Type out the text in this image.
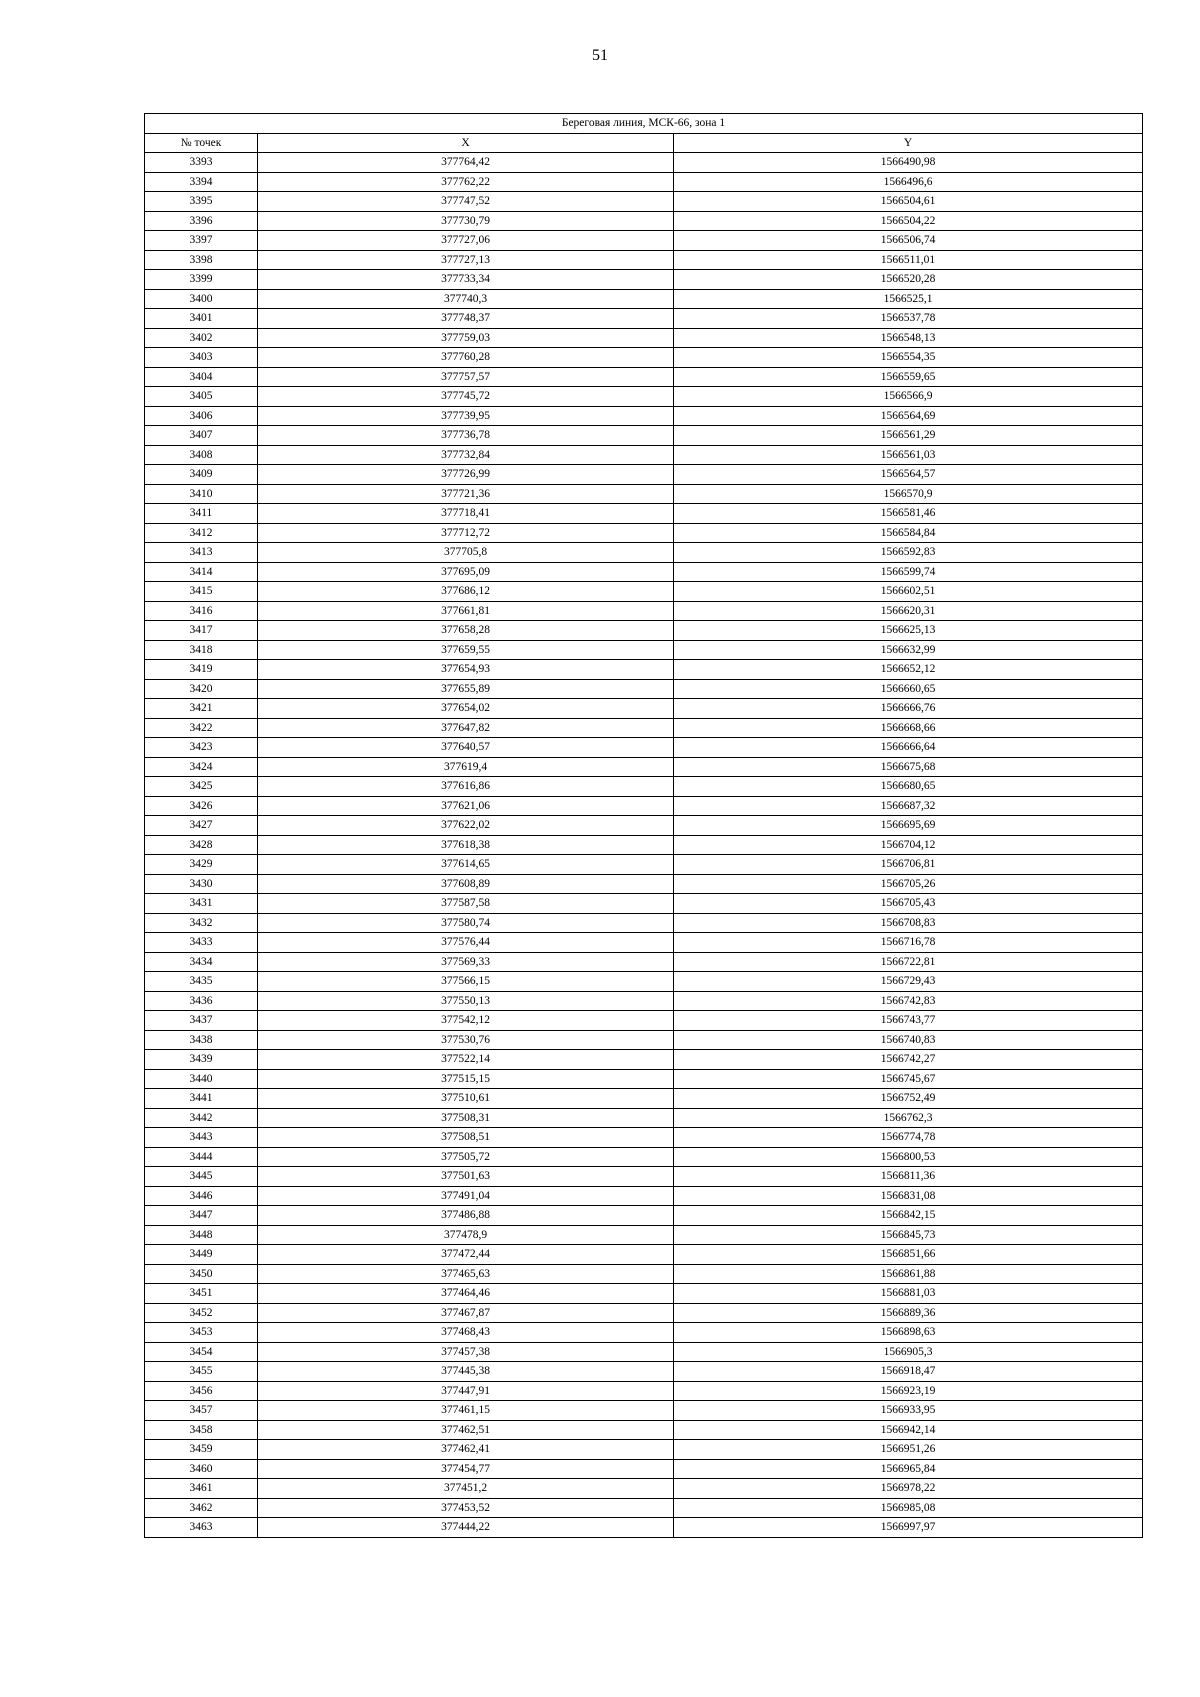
51
Береговая линия, МСК-66, зона 1		
№ точек	X	Y
3393	377764,42	1566490,98
3394	377762,22	1566496,6
3395	377747,52	1566504,61
3396	377730,79	1566504,22
3397	377727,06	1566506,74
3398	377727,13	1566511,01
3399	377733,34	1566520,28
3400	377740,3	1566525,1
3401	377748,37	1566537,78
3402	377759,03	1566548,13
3403	377760,28	1566554,35
3404	377757,57	1566559,65
3405	377745,72	1566566,9
3406	377739,95	1566564,69
3407	377736,78	1566561,29
3408	377732,84	1566561,03
3409	377726,99	1566564,57
3410	377721,36	1566570,9
3411	377718,41	1566581,46
3412	377712,72	1566584,84
3413	377705,8	1566592,83
3414	377695,09	1566599,74
3415	377686,12	1566602,51
3416	377661,81	1566620,31
3417	377658,28	1566625,13
3418	377659,55	1566632,99
3419	377654,93	1566652,12
3420	377655,89	1566660,65
3421	377654,02	1566666,76
3422	377647,82	1566668,66
3423	377640,57	1566666,64
3424	377619,4	1566675,68
3425	377616,86	1566680,65
3426	377621,06	1566687,32
3427	377622,02	1566695,69
3428	377618,38	1566704,12
3429	377614,65	1566706,81
3430	377608,89	1566705,26
3431	377587,58	1566705,43
3432	377580,74	1566708,83
3433	377576,44	1566716,78
3434	377569,33	1566722,81
3435	377566,15	1566729,43
3436	377550,13	1566742,83
3437	377542,12	1566743,77
3438	377530,76	1566740,83
3439	377522,14	1566742,27
3440	377515,15	1566745,67
3441	377510,61	1566752,49
3442	377508,31	1566762,3
3443	377508,51	1566774,78
3444	377505,72	1566800,53
3445	377501,63	1566811,36
3446	377491,04	1566831,08
3447	377486,88	1566842,15
3448	377478,9	1566845,73
3449	377472,44	1566851,66
3450	377465,63	1566861,88
3451	377464,46	1566881,03
3452	377467,87	1566889,36
3453	377468,43	1566898,63
3454	377457,38	1566905,3
3455	377445,38	1566918,47
3456	377447,91	1566923,19
3457	377461,15	1566933,95
3458	377462,51	1566942,14
3459	377462,41	1566951,26
3460	377454,77	1566965,84
3461	377451,2	1566978,22
3462	377453,52	1566985,08
3463	377444,22	1566997,97
